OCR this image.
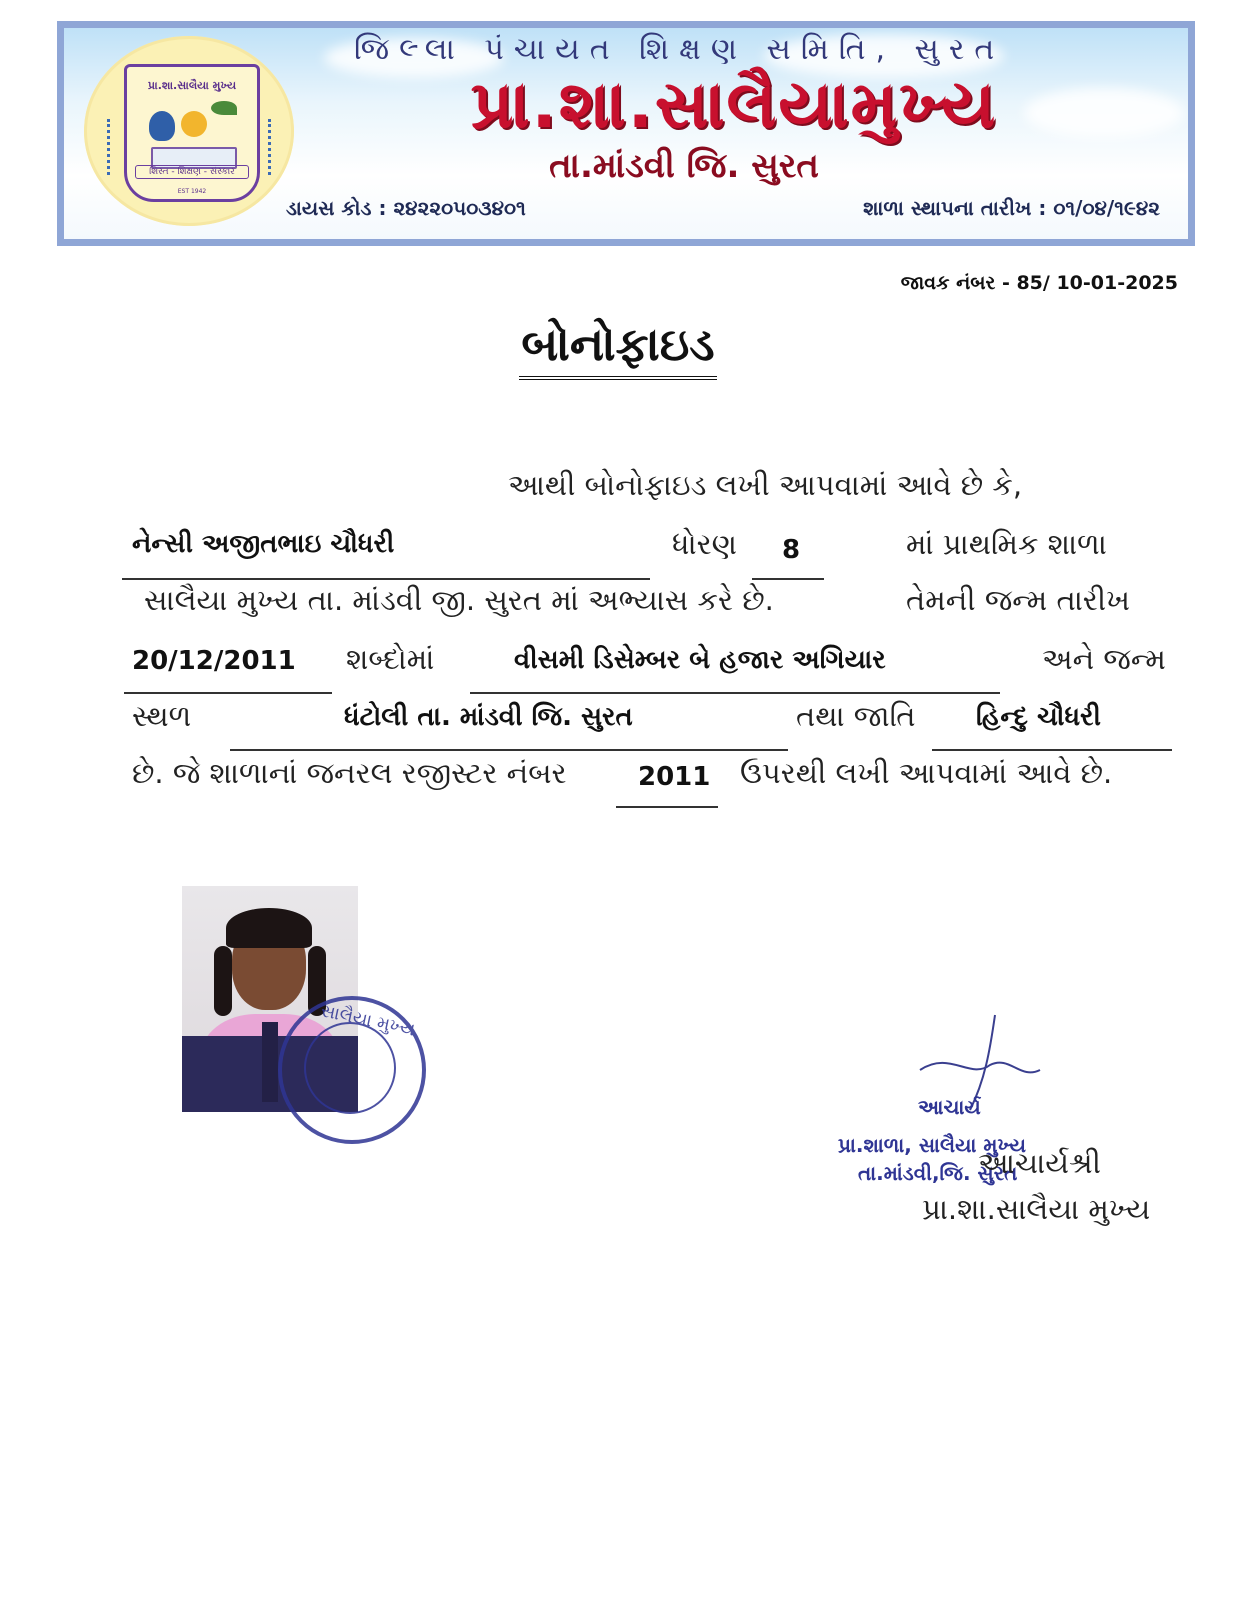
પ્રા.શા.સાલૈયા મુખ્ય
શિસ્ત - શિક્ષણ - સંસ્કાર
EST 1942
જિલ્લા પંચાયત શિક્ષણ સમિતિ, સુરત
પ્રા.શા.સાલૈયામુખ્ય
તા.માંડવી જિ. સુરત
ડાયસ કોડ : ૨૪૨૨૦૫૦૩૪૦૧	શાળા સ્થાપના તારીખ : ૦૧/૦૪/૧૯૪૨
જાવક નંબર - 85/ 10-01-2025
બોનોફાઇડ
આથી બોનોફાઇડ લખી આપવામાં આવે છે કે,
નેન્સી અજીતભાઇ ચૌધરી	ધોરણ 8	માં પ્રાથમિક શાળા
સાલૈયા મુખ્ય તા. માંડવી જી. સુરત માં અભ્યાસ કરે છે.	તેમની જન્મ તારીખ
20/12/2011 શબ્દોમાં	વીસમી ડિસેમ્બર બે હજાર અગિયાર	અને જન્મ
સ્થળ	ધંટોલી તા. માંડવી જિ. સુરત	તથા જાતિ હિન્દુ ચૌધરી
છે. જે શાળાનાં જનરલ રજીસ્ટર નંબર	2011 ઉપરથી લખી આપવામાં આવે છે.
સાલૈયા મુખ્ય
આચાર્ય
પ્રા.શાળા, સાલૈયા મુખ્ય
તા.માંડવી,જિ. સુરત
આચાર્યશ્રી
પ્રા.શા.સાલૈયા મુખ્ય
